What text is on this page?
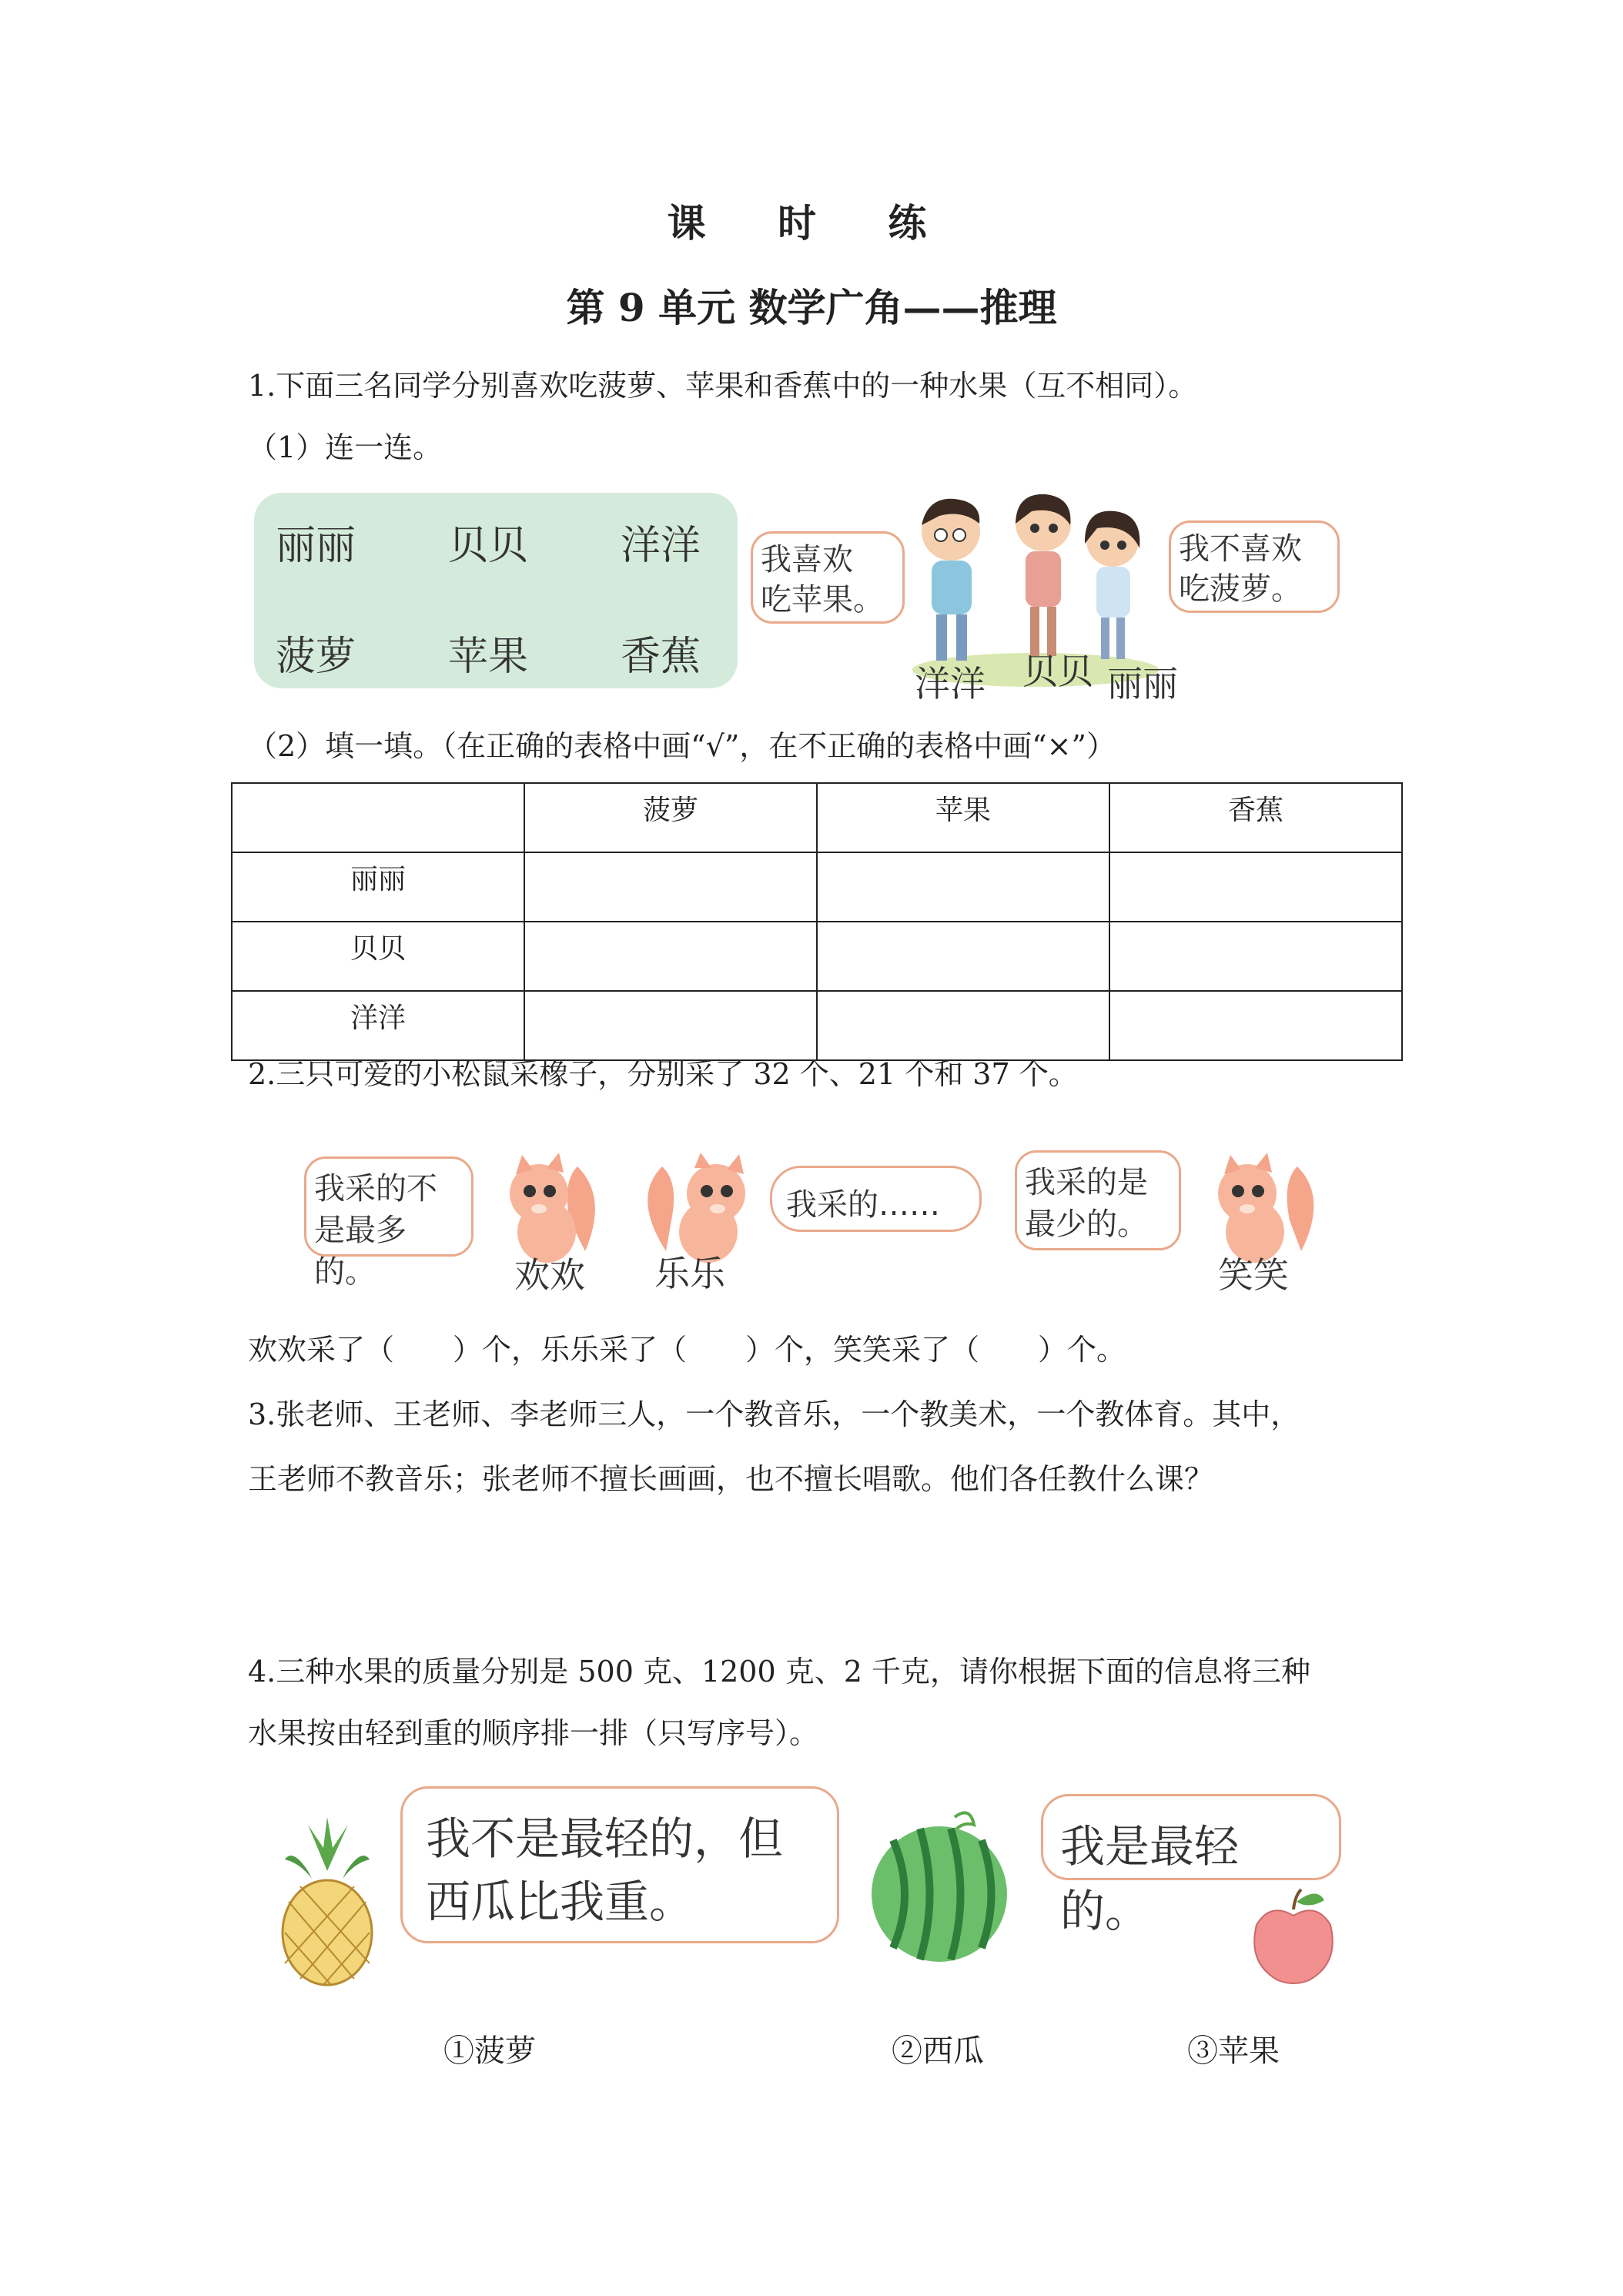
课 时 练
第 9 单元 数学广角——推理
1.下面三名同学分别喜欢吃菠萝、苹果和香蕉中的一种水果（互不相同）。
（1）连一连。
丽丽 贝贝 洋洋
菠萝 苹果 香蕉
我喜欢
吃苹果。
洋洋 贝贝 丽丽
我不喜欢
吃菠萝。
（2）填一填。（在正确的表格中画“√”，在不正确的表格中画“×”）
	菠萝	苹果	香蕉
丽丽			
贝贝			
洋洋			
2.三只可爱的小松鼠采橡子，分别采了 32 个、21 个和 37 个。
我采的不
是最多的。
我采的……
我采的是
最少的。
欢欢 乐乐	笑笑
欢欢采了（　　）个，乐乐采了（　　）个，笑笑采了（　　）个。
3.张老师、王老师、李老师三人，一个教音乐，一个教美术，一个教体育。其中，
王老师不教音乐；张老师不擅长画画，也不擅长唱歌。他们各任教什么课？
4.三种水果的质量分别是 500 克、1200 克、2 千克，请你根据下面的信息将三种
水果按由轻到重的顺序排一排（只写序号）。
我不是最轻的，但
西瓜比我重。
我是最轻的。
①菠萝	②西瓜	③苹果
